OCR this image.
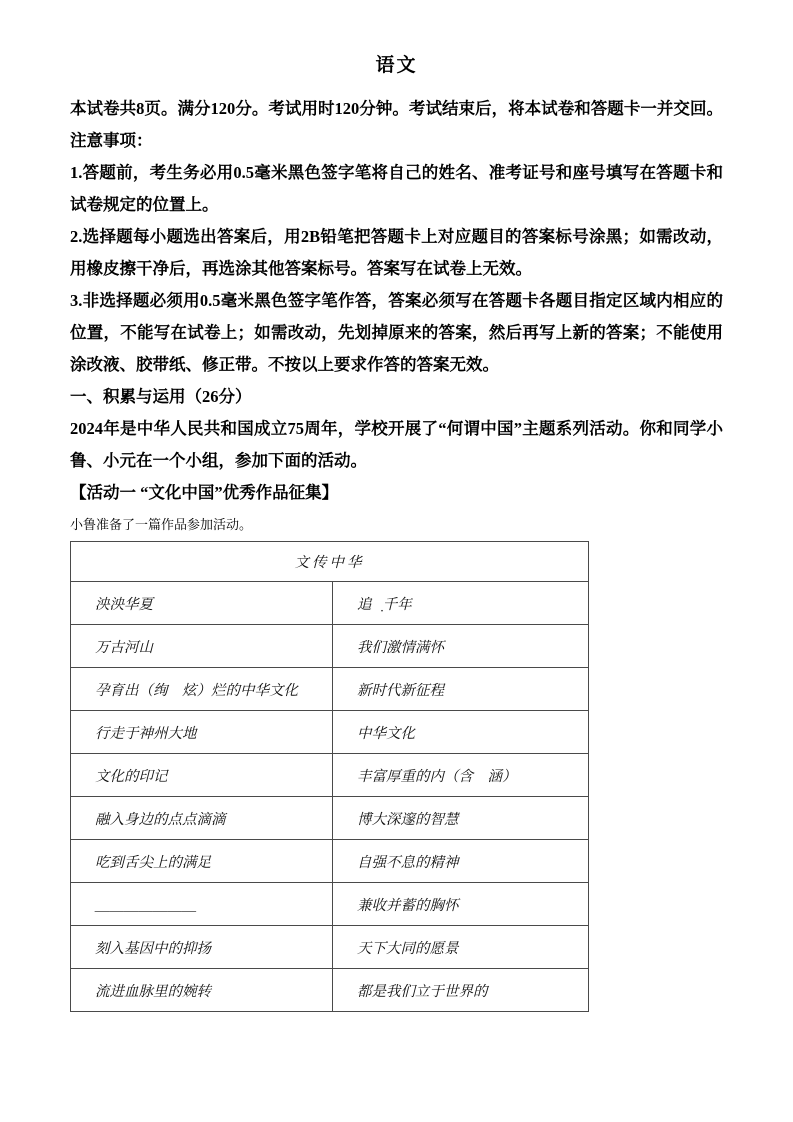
语文

本试卷共8页。满分120分。考试用时120分钟。考试结束后，将本试卷和答题卡一并交回。注意事项：

1.答题前，考生务必用0.5毫米黑色签字笔将自己的姓名、准考证号和座号填写在答题卡和试卷规定的位置上。

2.选择题每小题选出答案后，用2B铅笔把答题卡上对应题目的答案标号涂黑；如需改动，用橡皮擦干净后，再选涂其他答案标号。答案写在试卷上无效。

3.非选择题必须用0.5毫米黑色签字笔作答，答案必须写在答题卡各题目指定区域内相应的位置，不能写在试卷上；如需改动，先划掉原来的答案，然后再写上新的答案；不能使用涂改液、胶带纸、修正带。不按以上要求作答的答案无效。

一、积累与运用（26分）

2024年是中华人民共和国成立75周年，学校开展了“何谓中国”主题系列活动。你和同学小鲁、小元在一个小组，参加下面的活动。

【活动一 “文化中国”优秀作品征集】

小鲁准备了一篇作品参加活动。

文传中华	
泱泱华夏	追溯̣千年
万古河山	我们激情满怀
孕育出（绚　炫）烂的中华文化	新时代新征程
行走于神州大地	中华文化
文化的印记	丰富厚重的内（含　涵）
融入身边的点点滴滴	博大深邃的智慧
吃到舌尖上的满足	自强不息的精神
＿＿＿＿＿＿＿	兼收并蓄的胸怀
刻入基因中的抑扬	天下大同的愿景
流进血脉里的婉转	都是我们立于世界的
